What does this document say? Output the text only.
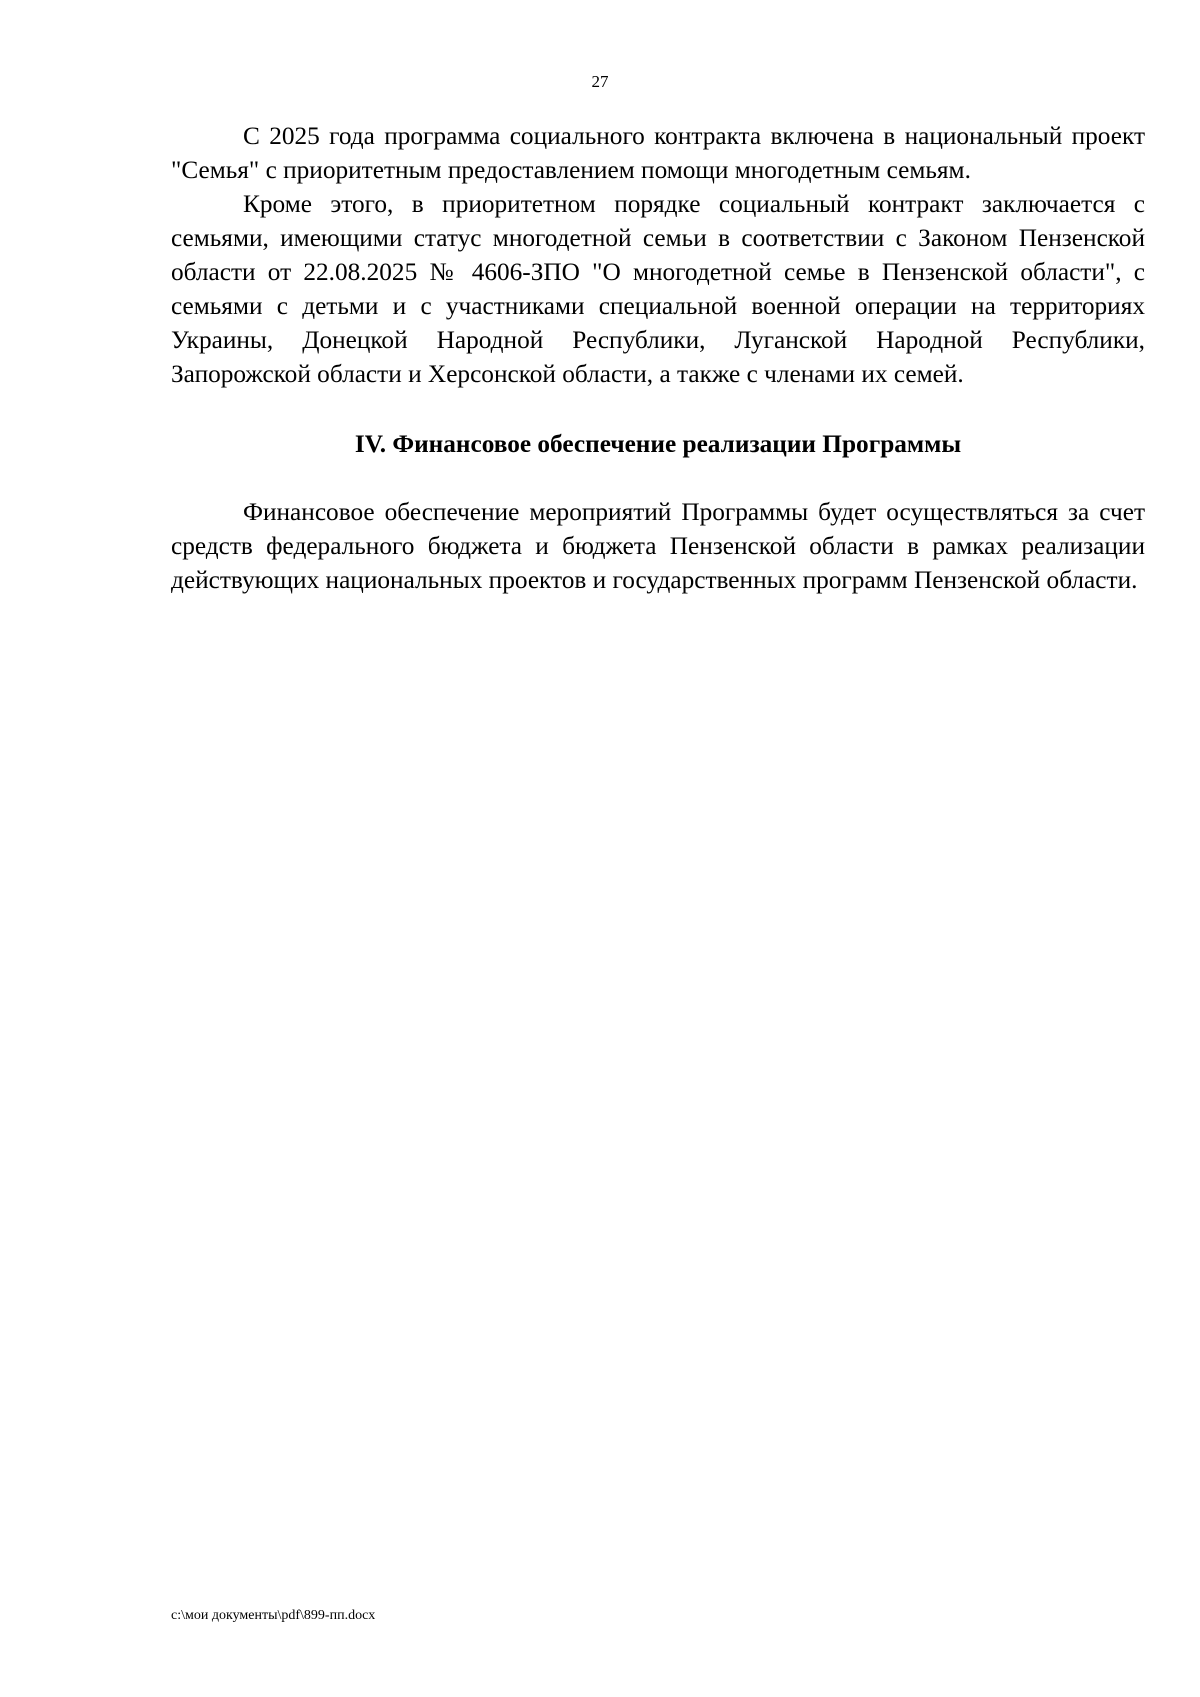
27

С 2025 года программа социального контракта включена в национальный проект "Семья" с приоритетным предоставлением помощи многодетным семьям.

Кроме этого, в приоритетном порядке социальный контракт заключается с семьями, имеющими статус многодетной семьи в соответствии с Законом Пензенской области от 22.08.2025 № 4606-ЗПО "О многодетной семье в Пензенской области", с семьями с детьми и с участниками специальной военной операции на территориях Украины, Донецкой Народной Республики, Луганской Народной Республики, Запорожской области и Херсонской области, а также с членами их семей.

IV. Финансовое обеспечение реализации Программы

Финансовое обеспечение мероприятий Программы будет осуществляться за счет средств федерального бюджета и бюджета Пензенской области в рамках реализации действующих национальных проектов и государственных программ Пензенской области.

c:\мои документы\pdf\899-пп.docx
